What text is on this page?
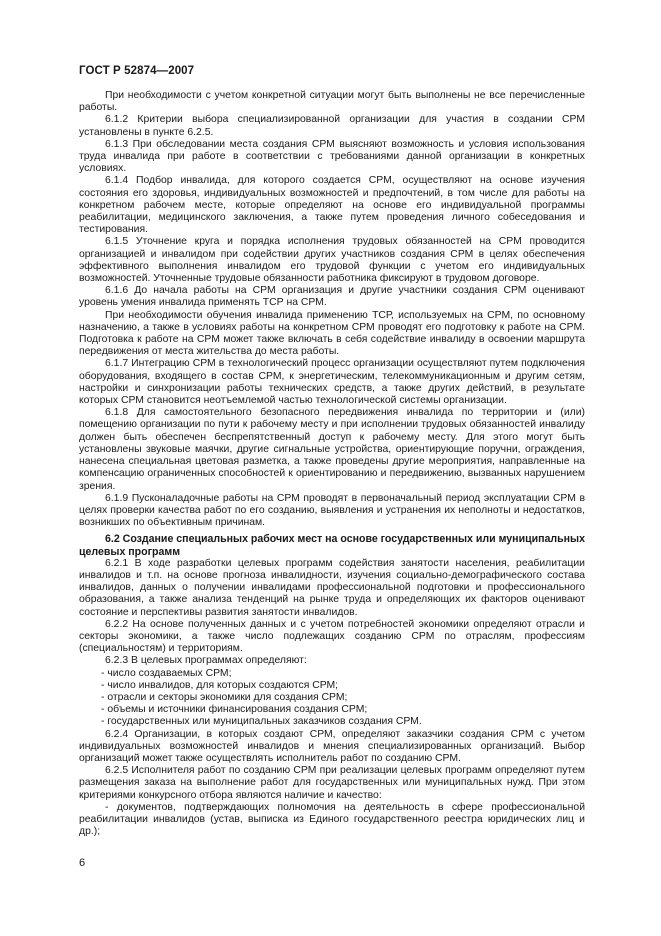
ГОСТ Р 52874—2007

При необходимости с учетом конкретной ситуации могут быть выполнены не все перечисленные работы.

6.1.2 Критерии выбора специализированной организации для участия в создании СРМ установлены в пункте 6.2.5.

6.1.3 При обследовании места создания СРМ выясняют возможность и условия использования труда инвалида при работе в соответствии с требованиями данной организации в конкретных условиях.

6.1.4 Подбор инвалида, для которого создается СРМ, осуществляют на основе изучения состояния его здоровья, индивидуальных возможностей и предпочтений, в том числе для работы на конкретном рабочем месте, которые определяют на основе его индивидуальной программы реабилитации, медицинского заключения, а также путем проведения личного собеседования и тестирования.

6.1.5 Уточнение круга и порядка исполнения трудовых обязанностей на СРМ проводится организацией и инвалидом при содействии других участников создания СРМ в целях обеспечения эффективного выполнения инвалидом его трудовой функции с учетом его индивидуальных возможностей. Уточненные трудовые обязанности работника фиксируют в трудовом договоре.

6.1.6 До начала работы на СРМ организация и другие участники создания СРМ оценивают уровень умения инвалида применять ТСР на СРМ.

При необходимости обучения инвалида применению ТСР, используемых на СРМ, по основному назначению, а также в условиях работы на конкретном СРМ проводят его подготовку к работе на СРМ. Подготовка к работе на СРМ может также включать в себя содействие инвалиду в освоении маршрута передвижения от места жительства до места работы.

6.1.7 Интеграцию СРМ в технологический процесс организации осуществляют путем подключения оборудования, входящего в состав СРМ, к энергетическим, телекоммуникационным и другим сетям, настройки и синхронизации работы технических средств, а также других действий, в результате которых СРМ становится неотъемлемой частью технологической системы организации.

6.1.8 Для самостоятельного безопасного передвижения инвалида по территории и (или) помещению организации по пути к рабочему месту и при исполнении трудовых обязанностей инвалиду должен быть обеспечен беспрепятственный доступ к рабочему месту. Для этого могут быть установлены звуковые маячки, другие сигнальные устройства, ориентирующие поручни, ограждения, нанесена специальная цветовая разметка, а также проведены другие мероприятия, направленные на компенсацию ограниченных способностей к ориентированию и передвижению, вызванных нарушением зрения.

6.1.9 Пусконаладочные работы на СРМ проводят в первоначальный период эксплуатации СРМ в целях проверки качества работ по его созданию, выявления и устранения их неполноты и недостатков, возникших по объективным причинам.

6.2 Создание специальных рабочих мест на основе государственных или муниципальных целевых программ

6.2.1 В ходе разработки целевых программ содействия занятости населения, реабилитации инвалидов и т.п. на основе прогноза инвалидности, изучения социально-демографического состава инвалидов, данных о получении инвалидами профессиональной подготовки и профессионального образования, а также анализа тенденций на рынке труда и определяющих их факторов оценивают состояние и перспективы развития занятости инвалидов.

6.2.2 На основе полученных данных и с учетом потребностей экономики определяют отрасли и секторы экономики, а также число подлежащих созданию СРМ по отраслям, профессиям (специальностям) и территориям.

6.2.3 В целевых программах определяют:

- число создаваемых СРМ;

- число инвалидов, для которых создаются СРМ;

- отрасли и секторы экономики для создания СРМ;

- объемы и источники финансирования создания СРМ;

- государственных или муниципальных заказчиков создания СРМ.

6.2.4 Организации, в которых создают СРМ, определяют заказчики создания СРМ с учетом индивидуальных возможностей инвалидов и мнения специализированных организаций. Выбор организаций может также осуществлять исполнитель работ по созданию СРМ.

6.2.5 Исполнителя работ по созданию СРМ при реализации целевых программ определяют путем размещения заказа на выполнение работ для государственных или муниципальных нужд. При этом критериями конкурсного отбора являются наличие и качество:

- документов, подтверждающих полномочия на деятельность в сфере профессиональной реабилитации инвалидов (устав, выписка из Единого государственного реестра юридических лиц и др.);

6
